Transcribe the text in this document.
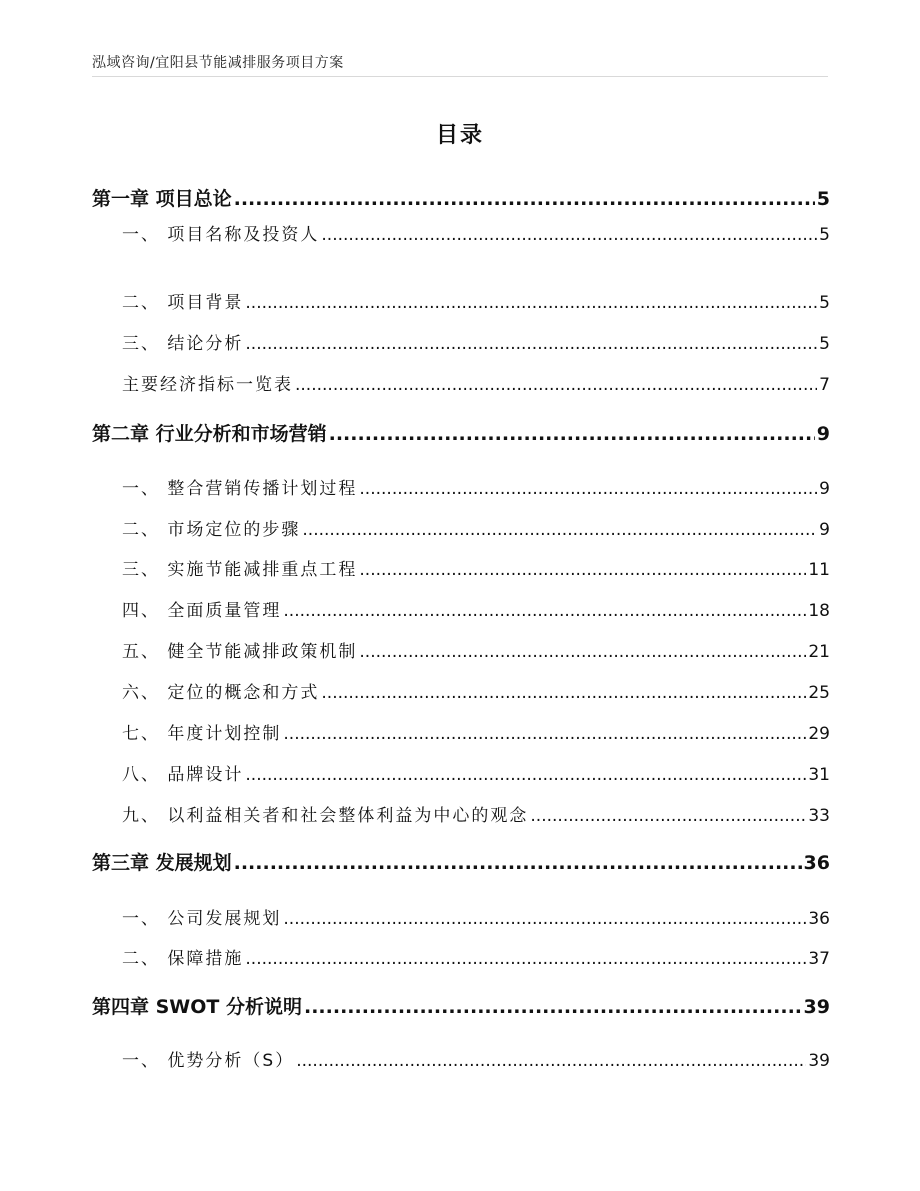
泓域咨询/宜阳县节能减排服务项目方案
目录
第一章 项目总论 .....	5
一、 项目名称及投资人 .....	5
二、 项目背景 .....	5
三、 结论分析 .....	5
主要经济指标一览表 .....	7
第二章 行业分析和市场营销 .....	9
一、 整合营销传播计划过程 .....	9
二、 市场定位的步骤 .....	9
三、 实施节能减排重点工程 .....	11
四、 全面质量管理 .....	18
五、 健全节能减排政策机制 .....	21
六、 定位的概念和方式 .....	25
七、 年度计划控制 .....	29
八、 品牌设计 .....	31
九、 以利益相关者和社会整体利益为中心的观念 .....	33
第三章 发展规划 .....	36
一、 公司发展规划 .....	36
二、 保障措施 .....	37
第四章 SWOT 分析说明 .....	39
一、 优势分析（S） .....	39
